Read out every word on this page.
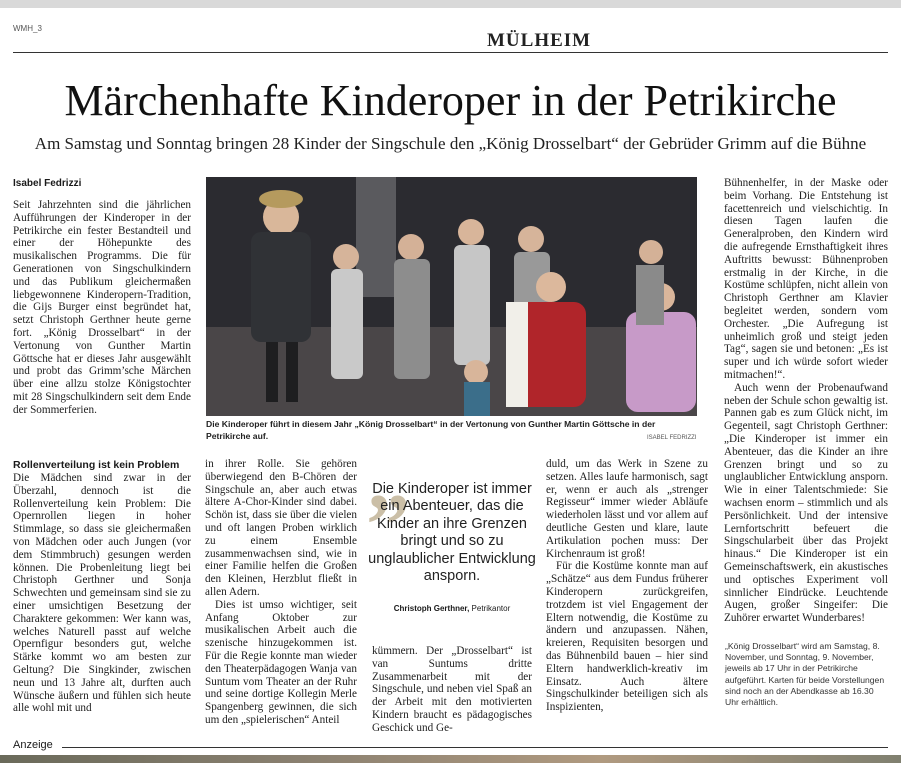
WMH_3
MÜLHEIM
Märchenhafte Kinderoper in der Petrikirche
Am Samstag und Sonntag bringen 28 Kinder der Singschule den „König Drosselbart“ der Gebrüder Grimm auf die Bühne
Isabel Fedrizzi

Seit Jahrzehnten sind die jährlichen Aufführungen der Kinderoper in der Petrikirche ein fester Bestandteil und einer der Höhepunkte des musikalischen Programms. Die für Generationen von Singschulkindern und das Publikum gleichermaßen liebgewonnene Kinderopern-Tradition, die Gijs Burger einst begründet hat, setzt Christoph Gerthner heute gerne fort. „König Drosselbart“ in der Vertonung von Gunther Martin Göttsche hat er dieses Jahr ausgewählt und probt das Grimm’sche Märchen über eine allzu stolze Königstochter mit 28 Singschulkindern seit dem Ende der Sommerferien.

Rollenverteilung ist kein Problem

Die Mädchen sind zwar in der Überzahl, dennoch ist die Rollenverteilung kein Problem: Die Opernrollen liegen in hoher Stimmlage, so dass sie gleichermaßen von Mädchen oder auch Jungen (vor dem Stimmbruch) gesungen werden können. Die Probenleitung liegt bei Christoph Gerthner und Sonja Schwechten und gemeinsam sind sie zu einer umsichtigen Besetzung der Charaktere gekommen: Wer kann was, welches Naturell passt auf welche Opernfigur besonders gut, welche Stärke kommt wo am besten zur Geltung? Die Singkinder, zwischen neun und 13 Jahre alt, durften auch Wünsche äußern und fühlen sich heute alle wohl mit und

Die Kinderoper führt in diesem Jahr „König Drosselbart“ in der Vertonung von Gunther Martin Göttsche in der Petrikirche auf.	ISABEL FEDRIZZI

in ihrer Rolle. Sie gehören überwiegend den B-Chören der Singschule an, aber auch etwas ältere A-Chor-Kinder sind dabei. Schön ist, dass sie über die vielen und oft langen Proben wirklich zu einem Ensemble zusammenwachsen sind, wie in einer Familie helfen die Großen den Kleinen, Herzblut fließt in allen Adern.

Dies ist umso wichtiger, seit Anfang Oktober zur musikalischen Arbeit auch die szenische hinzugekommen ist. Für die Regie konnte man wieder den Theaterpädagogen Wanja van Suntum vom Theater an der Ruhr und seine dortige Kollegin Merle Spangenberg gewinnen, die sich um den „spielerischen“ Anteil

”
Die Kinderoper ist immer ein Abenteuer, das die Kinder an ihre Grenzen bringt und so zu unglaublicher Entwicklung ansporn.
Christoph Gerthner, Petrikantor

kümmern. Der „Drosselbart“ ist van Suntums dritte Zusammenarbeit mit der Singschule, und neben viel Spaß an der Arbeit mit den motivierten Kindern braucht es pädagogisches Geschick und Ge-

duld, um das Werk in Szene zu setzen. Alles laufe harmonisch, sagt er, wenn er auch als „strenger Regisseur“ immer wieder Abläufe wiederholen lässt und vor allem auf deutliche Gesten und klare, laute Artikulation pochen muss: Der Kirchenraum ist groß!

Für die Kostüme konnte man auf „Schätze“ aus dem Fundus früherer Kinderopern zurückgreifen, trotzdem ist viel Engagement der Eltern notwendig, die Kostüme zu ändern und anzupassen. Nähen, kreieren, Requisiten besorgen und das Bühnenbild bauen – hier sind Eltern handwerklich-kreativ im Einsatz. Auch ältere Singschulkinder beteiligen sich als Inspizienten,

Bühnenhelfer, in der Maske oder beim Vorhang. Die Entstehung ist facettenreich und vielschichtig. In diesen Tagen laufen die Generalproben, den Kindern wird die aufregende Ernsthaftigkeit ihres Auftritts bewusst: Bühnenproben erstmalig in der Kirche, in die Kostüme schlüpfen, nicht allein von Christoph Gerthner am Klavier begleitet werden, sondern vom Orchester. „Die Aufregung ist unheimlich groß und steigt jeden Tag“, sagen sie und betonen: „Es ist super und ich würde sofort wieder mitmachen!“.

Auch wenn der Probenaufwand neben der Schule schon gewaltig ist. Pannen gab es zum Glück nicht, im Gegenteil, sagt Christoph Gerthner: „Die Kinderoper ist immer ein Abenteuer, das die Kinder an ihre Grenzen bringt und so zu unglaublicher Entwicklung ansporn. Wie in einer Talentschmiede: Sie wachsen enorm – stimmlich und als Persönlichkeit. Und der intensive Lernfortschritt befeuert die Singschularbeit über das Projekt hinaus.“ Die Kinderoper ist ein Gemeinschaftswerk, ein akustisches und optisches Experiment voll sinnlicher Eindrücke. Leuchtende Augen, großer Singeifer: Die Zuhörer erwartet Wunderbares!

„König Drosselbart“ wird am Samstag, 8. November, und Sonntag, 9. November, jeweils ab 17 Uhr in der Petrikirche aufgeführt. Karten für beide Vorstellungen sind noch an der Abendkasse ab 16.30 Uhr erhältlich.
Anzeige
